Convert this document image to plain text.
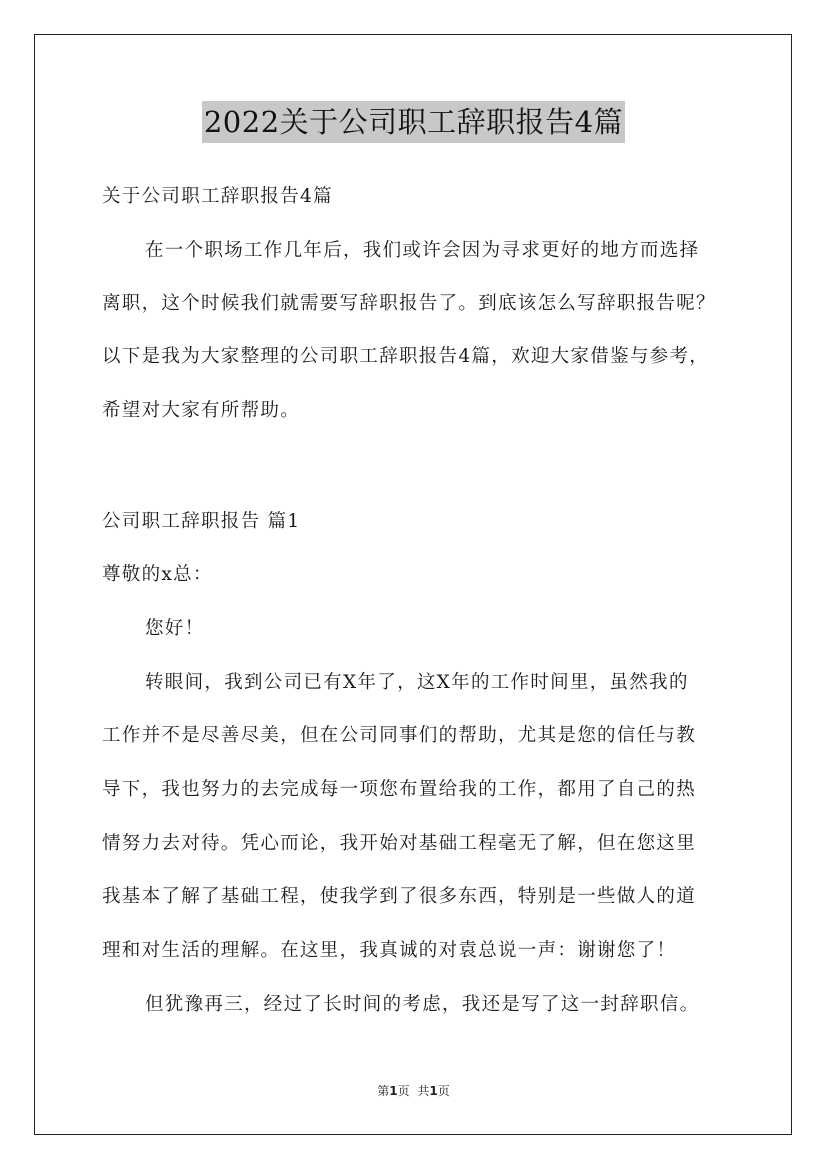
2022关于公司职工辞职报告4篇
关于公司职工辞职报告4篇
在一个职场工作几年后，我们或许会因为寻求更好的地方而选择
离职，这个时候我们就需要写辞职报告了。到底该怎么写辞职报告呢？
以下是我为大家整理的公司职工辞职报告4篇，欢迎大家借鉴与参考，
希望对大家有所帮助。
公司职工辞职报告 篇1
尊敬的x总：
您好！
转眼间，我到公司已有X年了，这X年的工作时间里，虽然我的
工作并不是尽善尽美，但在公司同事们的帮助，尤其是您的信任与教
导下，我也努力的去完成每一项您布置给我的工作，都用了自己的热
情努力去对待。凭心而论，我开始对基础工程毫无了解，但在您这里
我基本了解了基础工程，使我学到了很多东西，特别是一些做人的道
理和对生活的理解。在这里，我真诚的对袁总说一声：谢谢您了！
但犹豫再三，经过了长时间的考虑，我还是写了这一封辞职信。
第1页 共1页
